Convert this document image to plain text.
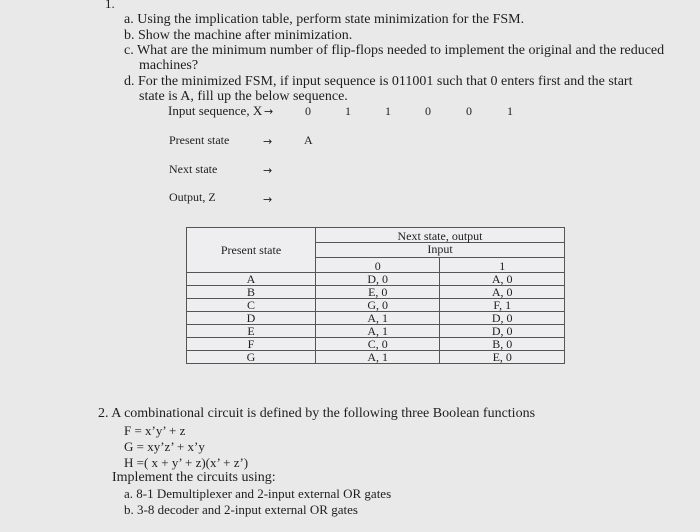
1.
a. Using the implication table, perform state minimization for the FSM.
b. Show the machine after minimization.
c. What are the minimum number of flip-flops needed to implement the original and the reduced
machines?
d. For the minimized FSM, if input sequence is 011001 such that 0 enters first and the start
state is A, fill up the below sequence.
Input sequence, X →	0	1	1	0	0	1
Present state	→	A
Next state	→
Output, Z	→
Present state	Next state, output	
	Input	
	0	1
A	D, 0	A, 0
B	E, 0	A, 0
C	G, 0	F, 1
D	A, 1	D, 0
E	A, 1	D, 0
F	C, 0	B, 0
G	A, 1	E, 0
2. A combinational circuit is defined by the following three Boolean functions
F = x’y’ + z
G = xy’z’ + x’y
H =( x + y’ + z)(x’ + z’)
Implement the circuits using:
a. 8-1 Demultiplexer and 2-input external OR gates
b. 3-8 decoder and 2-input external OR gates
